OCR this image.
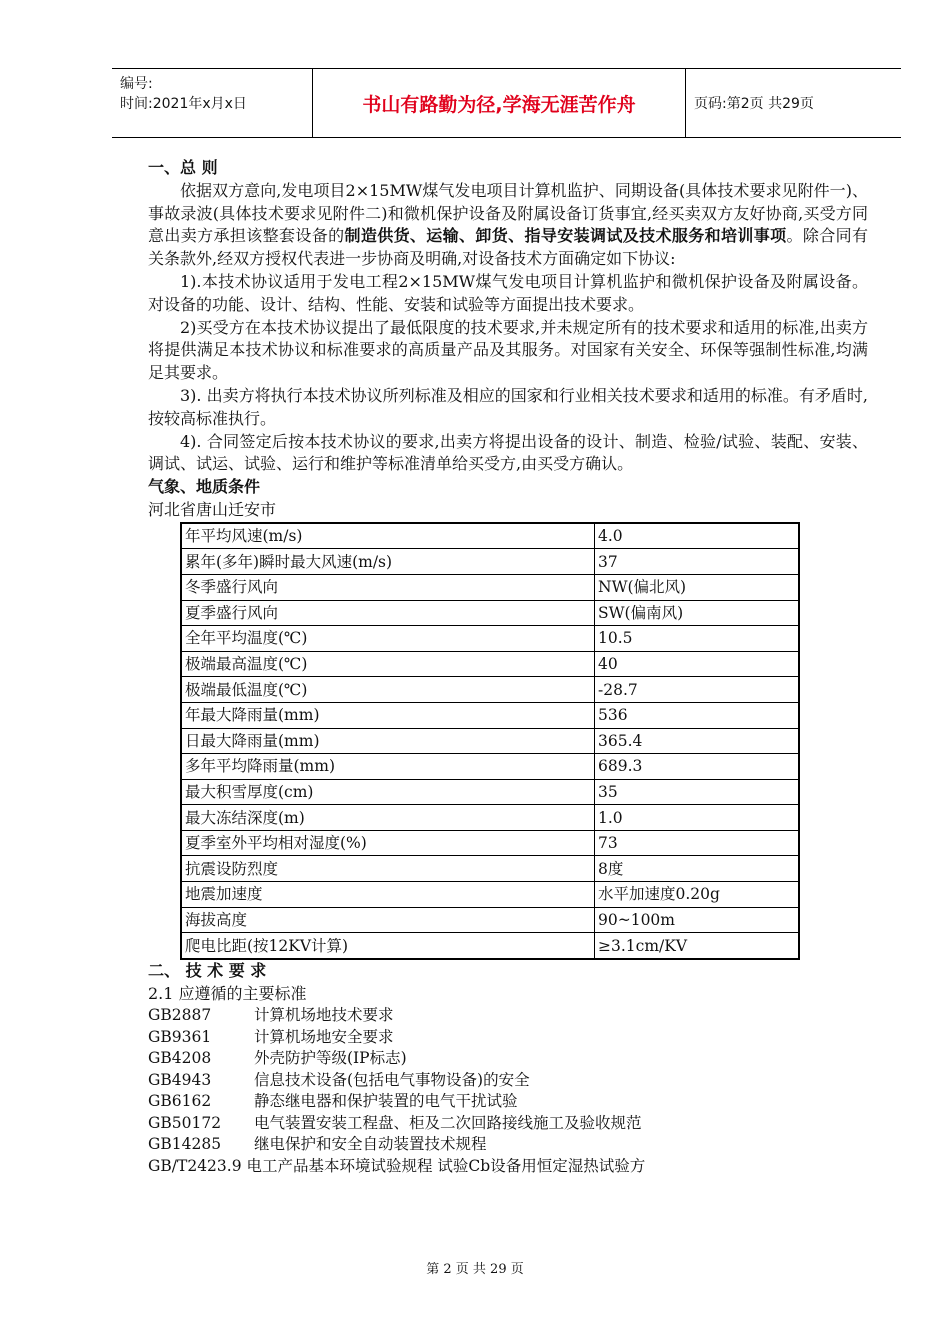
编号:
时间:2021年x月x日	书山有路勤为径,学海无涯苦作舟	页码:第2页 共29页
一、总 则

依据双方意向,发电项目2×15MW煤气发电项目计算机监护、同期设备(具体技术要求见附件一)、事故录波(具体技术要求见附件二)和微机保护设备及附属设备订货事宜,经买卖双方友好协商,买受方同意出卖方承担该整套设备的制造供货、运输、卸货、指导安装调试及技术服务和培训事项。除合同有关条款外,经双方授权代表进一步协商及明确,对设备技术方面确定如下协议:

1).本技术协议适用于发电工程2×15MW煤气发电项目计算机监护和微机保护设备及附属设备。对设备的功能、设计、结构、性能、安装和试验等方面提出技术要求。

2)买受方在本技术协议提出了最低限度的技术要求,并未规定所有的技术要求和适用的标准,出卖方将提供满足本技术协议和标准要求的高质量产品及其服务。对国家有关安全、环保等强制性标准,均满足其要求。

3). 出卖方将执行本技术协议所列标准及相应的国家和行业相关技术要求和适用的标准。有矛盾时,按较高标准执行。

4). 合同签定后按本技术协议的要求,出卖方将提出设备的设计、制造、检验/试验、装配、安装、调试、试运、试验、运行和维护等标准清单给买受方,由买受方确认。

气象、地质条件
河北省唐山迁安市
年平均风速(m/s)	4.0
累年(多年)瞬时最大风速(m/s)	37
冬季盛行风向	NW(偏北风)
夏季盛行风向	SW(偏南风)
全年平均温度(℃)	10.5
极端最高温度(℃)	40
极端最低温度(℃)	-28.7
年最大降雨量(mm)	536
日最大降雨量(mm)	365.4
多年平均降雨量(mm)	689.3
最大积雪厚度(cm)	35
最大冻结深度(m)	1.0
夏季室外平均相对湿度(%)	73
抗震设防烈度	8度
地震加速度	水平加速度0.20g
海拔高度	90~100m
爬电比距(按12KV计算)	≥3.1cm/KV
二、 技 术 要 求
2.1 应遵循的主要标准
GB2887	计算机场地技术要求
GB9361	计算机场地安全要求
GB4208	外壳防护等级(IP标志)
GB4943	信息技术设备(包括电气事物设备)的安全
GB6162	静态继电器和保护装置的电气干扰试验
GB50172	电气装置安装工程盘、柜及二次回路接线施工及验收规范
GB14285	继电保护和安全自动装置技术规程
GB/T2423.9 电工产品基本环境试验规程 试验Cb设备用恒定湿热试验方
第 2 页 共 29 页
